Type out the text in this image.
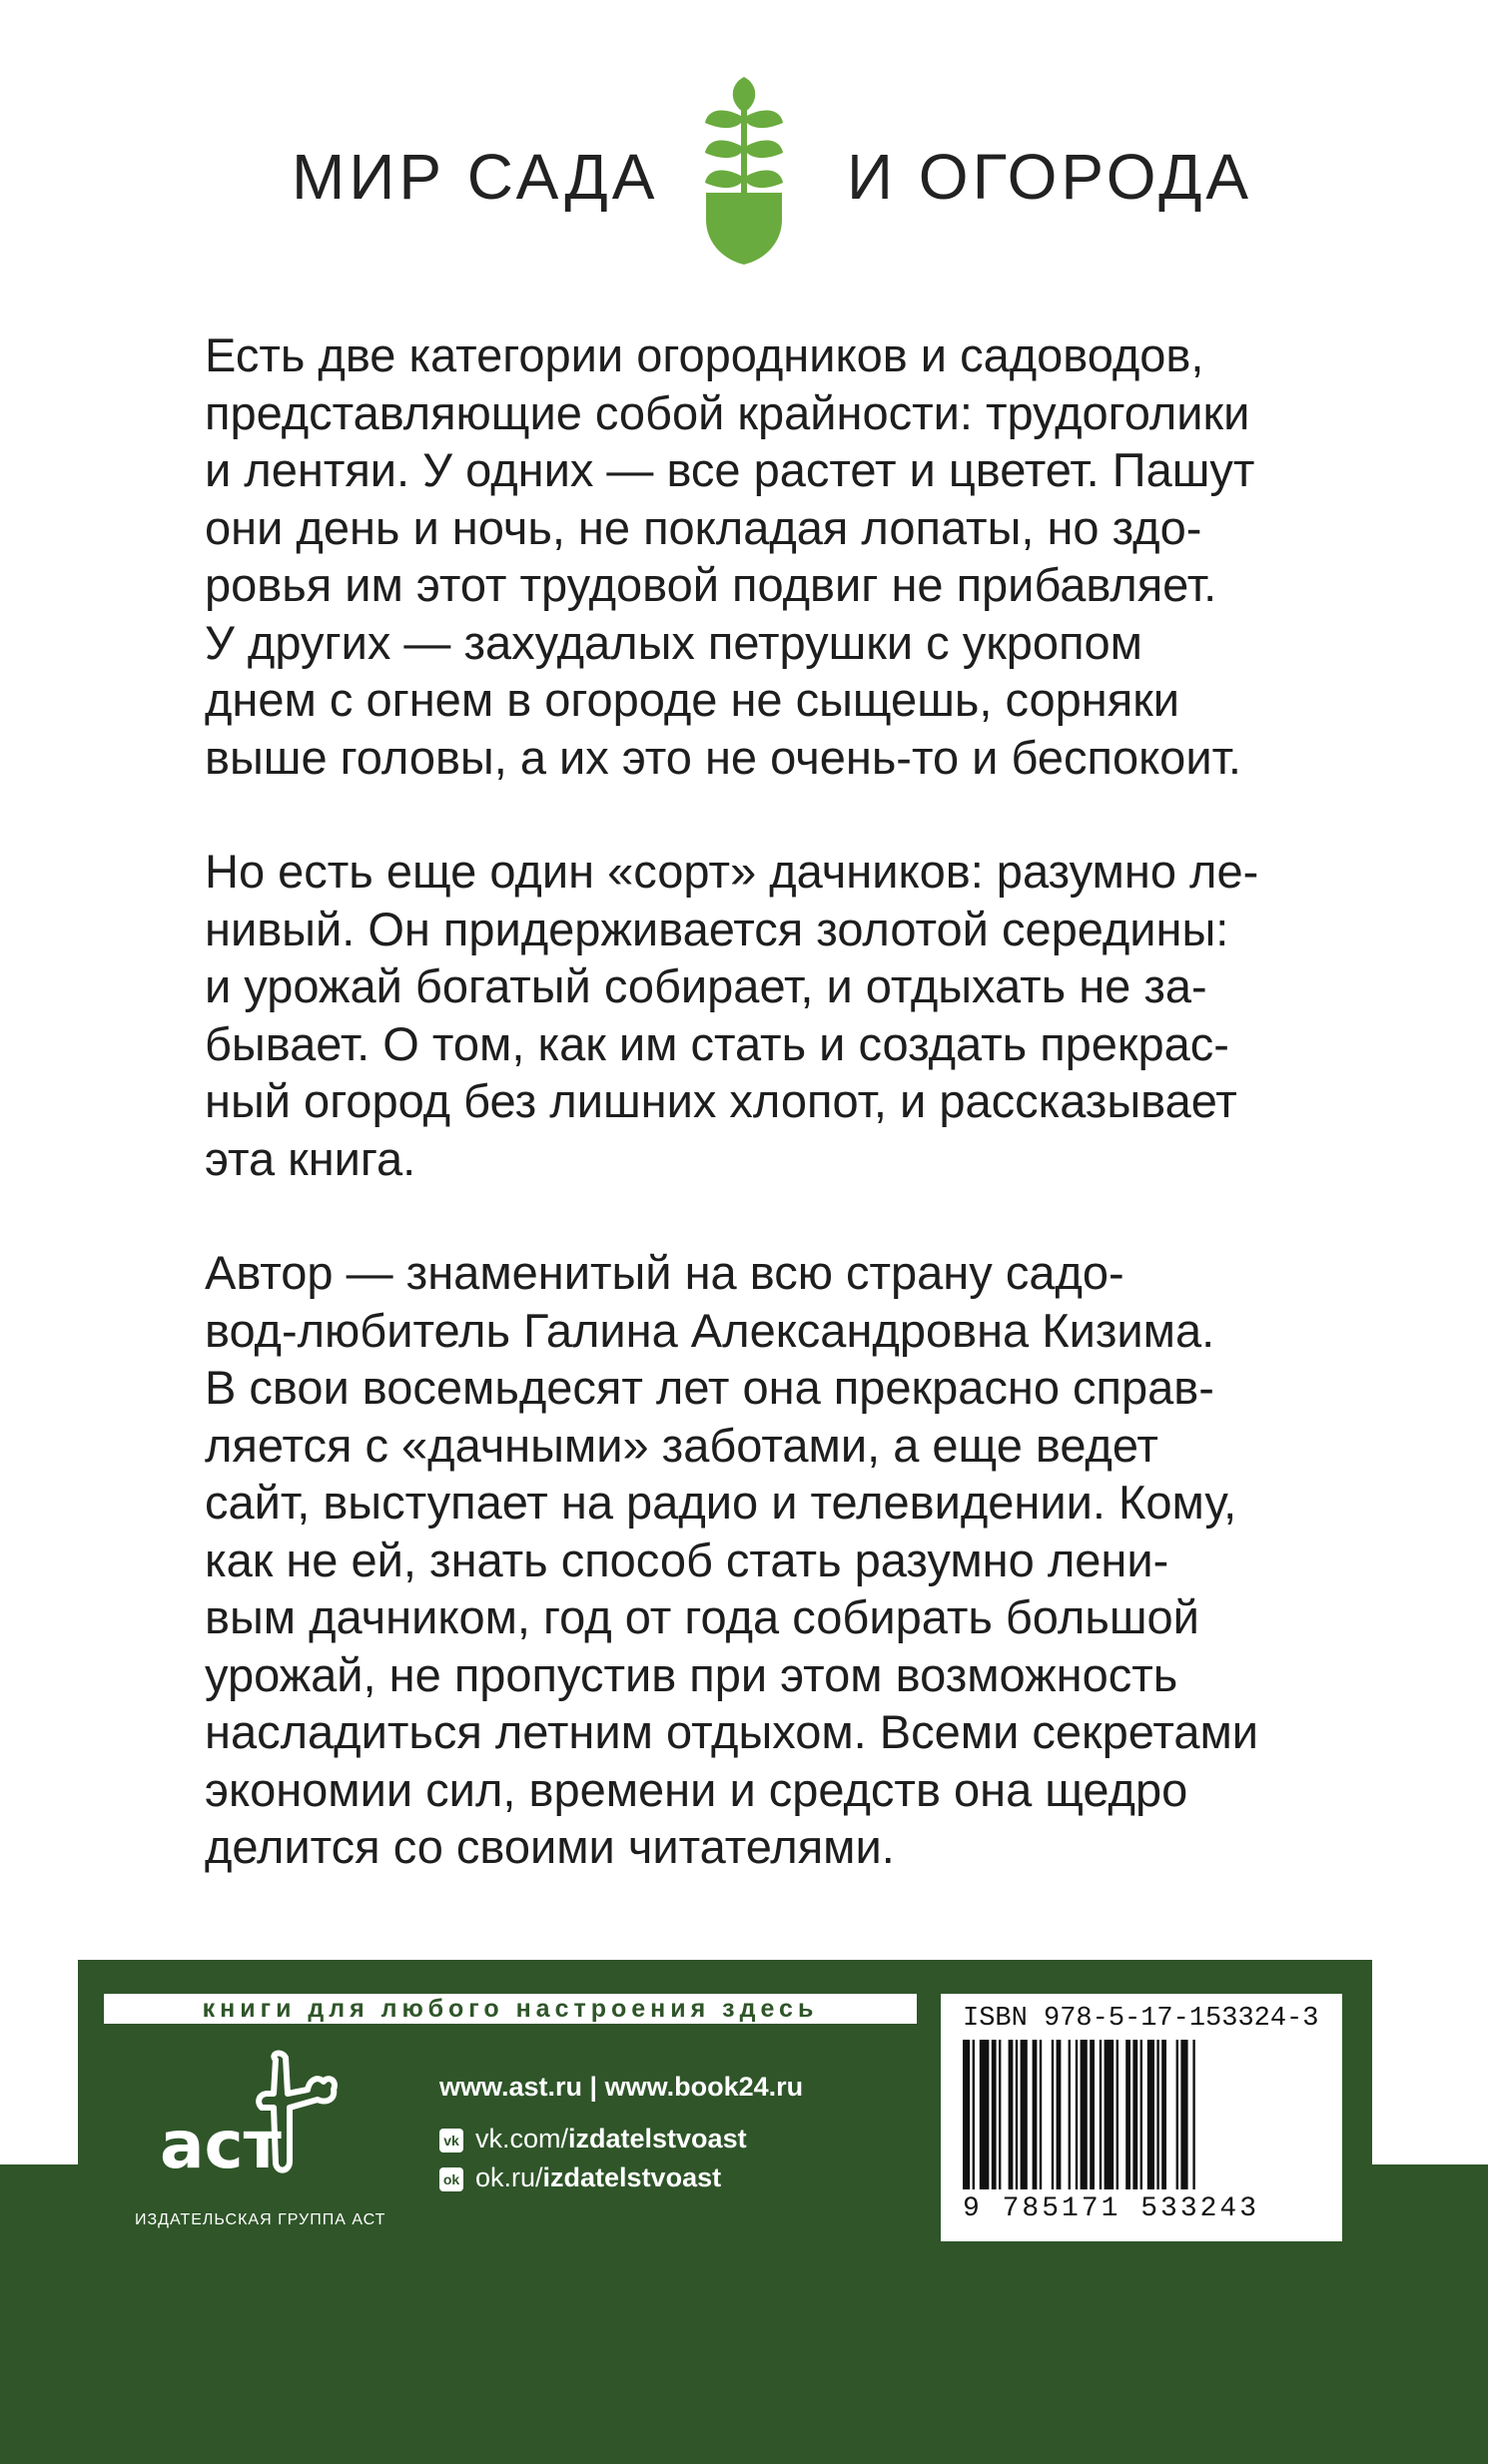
МИР САДА	И ОГОРОДА

Есть две категории огородников и садоводов,
представляющие собой крайности: трудоголики
и лентяи. У одних — все растет и цветет. Пашут
они день и ночь, не покладая лопаты, но здо-
ровья им этот трудовой подвиг не прибавляет.
У других — захудалых петрушки с укропом
днем с огнем в огороде не сыщешь, сорняки
выше головы, а их это не очень-то и беспокоит.

Но есть еще один «сорт» дачников: разумно ле-
нивый. Он придерживается золотой середины:
и урожай богатый собирает, и отдыхать не за-
бывает. О том, как им стать и создать прекрас-
ный огород без лишних хлопот, и рассказывает
эта книга.

Автор — знаменитый на всю страну садо-
вод-любитель Галина Александровна Кизима.
В свои восемьдесят лет она прекрасно справ-
ляется с «дачными» заботами, а еще ведет
сайт, выступает на радио и телевидении. Кому,
как не ей, знать способ стать разумно лени-
вым дачником, год от года собирать большой
урожай, не пропустив при этом возможность
насладиться летним отдыхом. Всеми секретами
экономии сил, времени и средств она щедро
делится со своими читателями.

книги для любого настроения здесь
аст
ИЗДАТЕЛЬСКАЯ ГРУППА АСТ
www.ast.ru | www.book24.ru
vk vk.com/izdatelstvoast
ok ok.ru/izdatelstvoast
ISBN 978-5-17-153324-3
9 785171 533243
